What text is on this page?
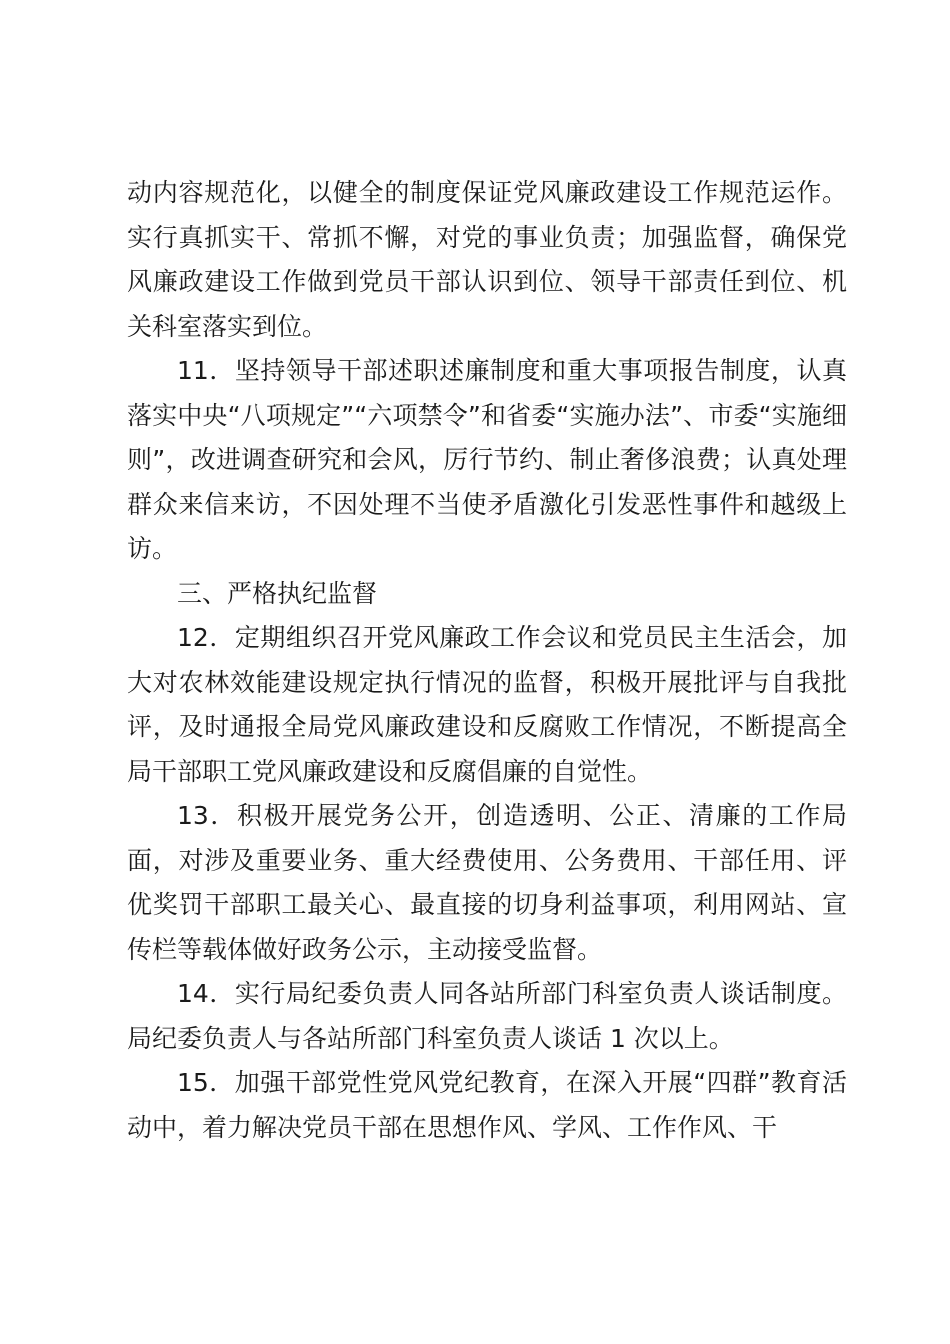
动内容规范化，以健全的制度保证党风廉政建设工作规范运作。实行真抓实干、常抓不懈，对党的事业负责；加强监督，确保党风廉政建设工作做到党员干部认识到位、领导干部责任到位、机关科室落实到位。

11．坚持领导干部述职述廉制度和重大事项报告制度，认真落实中央“八项规定”“六项禁令”和省委“实施办法”、市委“实施细则”，改进调查研究和会风，厉行节约、制止奢侈浪费；认真处理群众来信来访，不因处理不当使矛盾激化引发恶性事件和越级上访。

三、严格执纪监督

12．定期组织召开党风廉政工作会议和党员民主生活会，加大对农林效能建设规定执行情况的监督，积极开展批评与自我批评，及时通报全局党风廉政建设和反腐败工作情况，不断提高全局干部职工党风廉政建设和反腐倡廉的自觉性。

13．积极开展党务公开，创造透明、公正、清廉的工作局面，对涉及重要业务、重大经费使用、公务费用、干部任用、评优奖罚干部职工最关心、最直接的切身利益事项，利用网站、宣传栏等载体做好政务公示，主动接受监督。

14．实行局纪委负责人同各站所部门科室负责人谈话制度。局纪委负责人与各站所部门科室负责人谈话 1 次以上。

15．加强干部党性党风党纪教育，在深入开展“四群”教育活动中，着力解决党员干部在思想作风、学风、工作作风、干
